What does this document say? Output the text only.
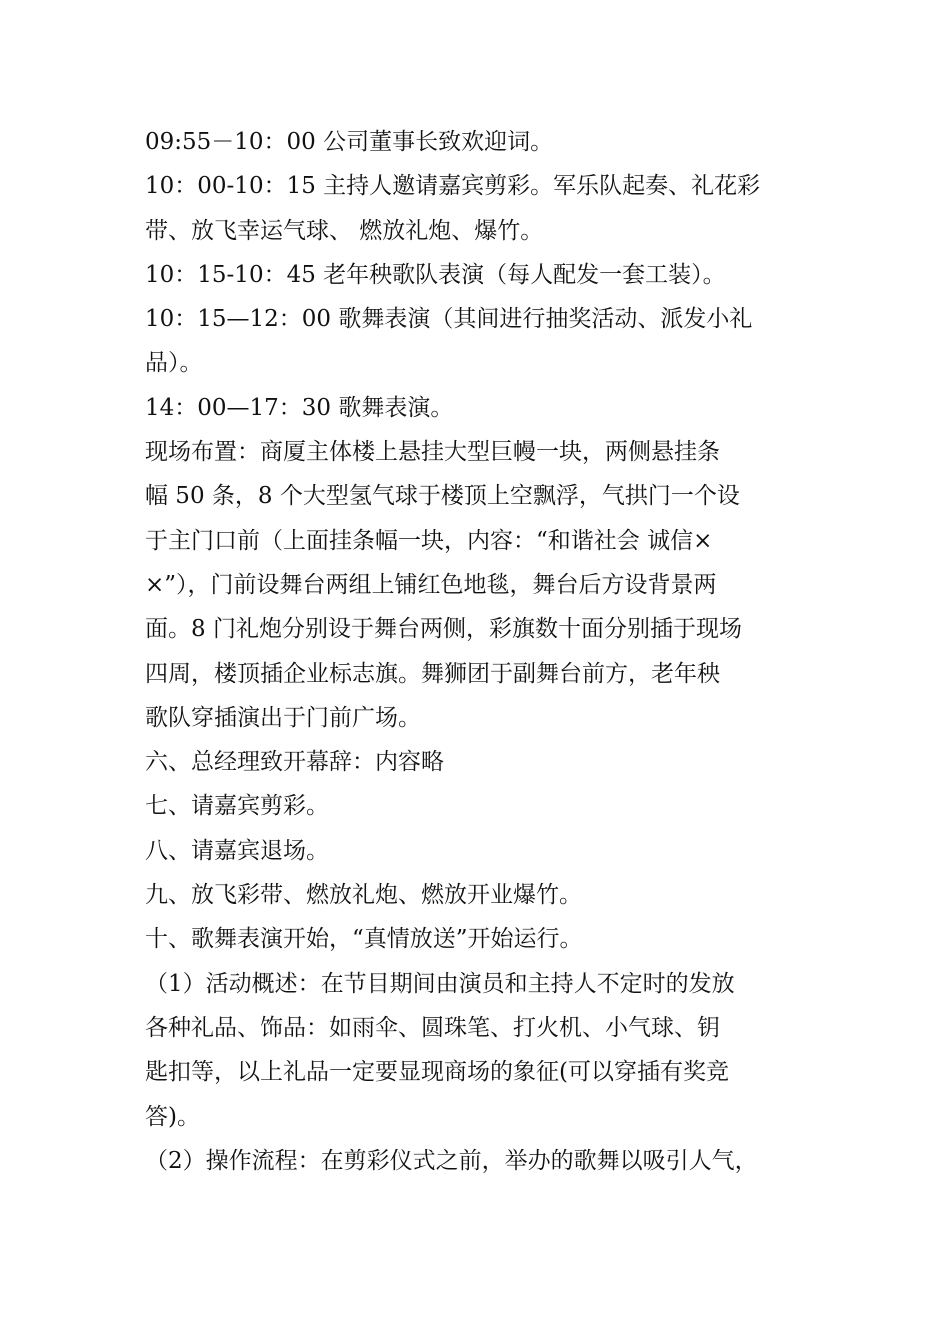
09:55－10：00 公司董事长致欢迎词。

10：00-10：15 主持人邀请嘉宾剪彩。军乐队起奏、礼花彩

带、放飞幸运气球、 燃放礼炮、爆竹。

10：15-10：45 老年秧歌队表演（每人配发一套工装）。

10：15—12：00 歌舞表演（其间进行抽奖活动、派发小礼

品）。

14：00—17：30 歌舞表演。

现场布置：商厦主体楼上悬挂大型巨幔一块，两侧悬挂条

幅 50 条，8 个大型氢气球于楼顶上空飘浮，气拱门一个设

于主门口前（上面挂条幅一块，内容：“和谐社会 诚信×

×”），门前设舞台两组上铺红色地毯，舞台后方设背景两

面。8 门礼炮分别设于舞台两侧，彩旗数十面分别插于现场

四周，楼顶插企业标志旗。舞狮团于副舞台前方，老年秧

歌队穿插演出于门前广场。

六、总经理致开幕辞：内容略

七、请嘉宾剪彩。

八、请嘉宾退场。

九、放飞彩带、燃放礼炮、燃放开业爆竹。

十、歌舞表演开始，“真情放送”开始运行。

（1）活动概述：在节目期间由演员和主持人不定时的发放

各种礼品、饰品：如雨伞、圆珠笔、打火机、小气球、钥

匙扣等，以上礼品一定要显现商场的象征(可以穿插有奖竞

答)。

（2）操作流程：在剪彩仪式之前，举办的歌舞以吸引人气，
